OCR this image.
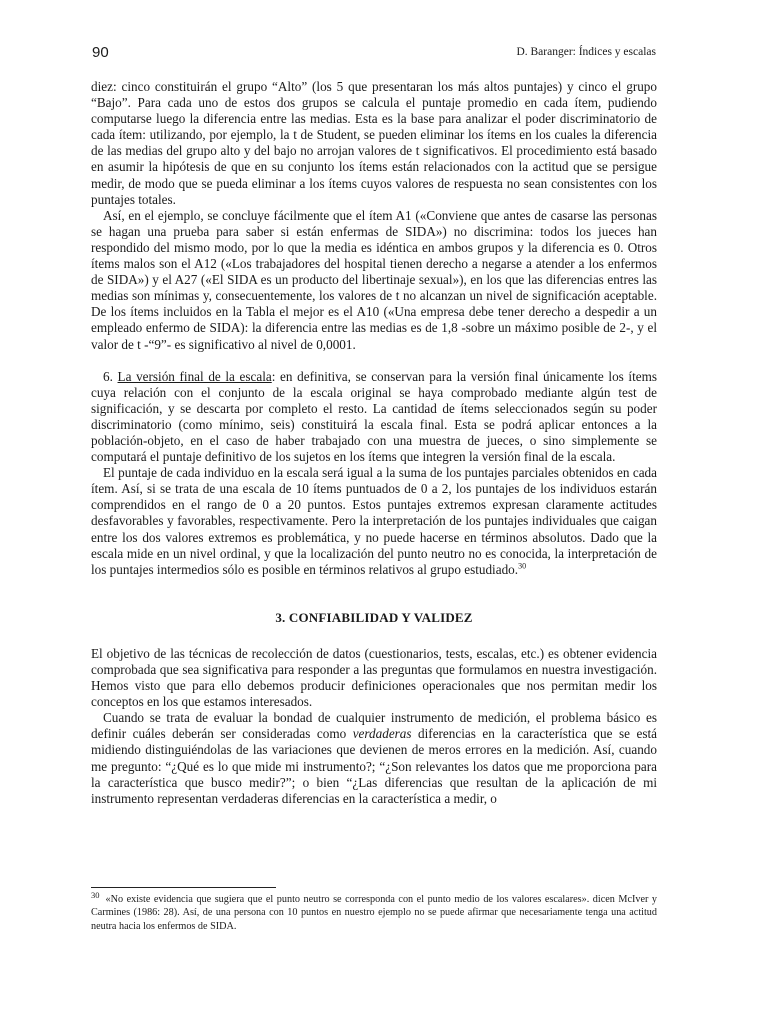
90	D. Baranger: Índices y escalas

diez: cinco constituirán el grupo “Alto” (los 5 que presentaran los más altos puntajes) y cinco el grupo “Bajo”. Para cada uno de estos dos grupos se calcula el puntaje promedio en cada ítem, pudiendo computarse luego la diferencia entre las medias. Esta es la base para analizar el poder discriminatorio de cada ítem: utilizando, por ejemplo, la t de Student, se pueden eliminar los ítems en los cuales la diferencia de las medias del grupo alto y del bajo no arrojan valores de t significativos. El procedimiento está basado en asumir la hipótesis de que en su conjunto los ítems están relacionados con la actitud que se persigue medir, de modo que se pueda eliminar a los ítems cuyos valores de respuesta no sean consistentes con los puntajes totales.

Así, en el ejemplo, se concluye fácilmente que el ítem A1 («Conviene que antes de casarse las personas se hagan una prueba para saber si están enfermas de SIDA») no discrimina: todos los jueces han respondido del mismo modo, por lo que la media es idéntica en ambos grupos y la diferencia es 0. Otros ítems malos son el A12 («Los trabajadores del hospital tienen derecho a negarse a atender a los enfermos de SIDA») y el A27 («El SIDA es un producto del libertinaje sexual»), en los que las diferencias entres las medias son mínimas y, consecuentemente, los valores de t no alcanzan un nivel de significación aceptable. De los ítems incluidos en la Tabla el mejor es el A10 («Una empresa debe tener derecho a despedir a un empleado enfermo de SIDA): la diferencia entre las medias es de 1,8 -sobre un máximo posible de 2-, y el valor de t -“9”- es significativo al nivel de 0,0001.

6. La versión final de la escala: en definitiva, se conservan para la versión final únicamente los ítems cuya relación con el conjunto de la escala original se haya comprobado mediante algún test de significación, y se descarta por completo el resto. La cantidad de ítems seleccionados según su poder discriminatorio (como mínimo, seis) constituirá la escala final. Esta se podrá aplicar entonces a la población-objeto, en el caso de haber trabajado con una muestra de jueces, o sino simplemente se computará el puntaje definitivo de los sujetos en los ítems que integren la versión final de la escala.

El puntaje de cada individuo en la escala será igual a la suma de los puntajes parciales obtenidos en cada ítem. Así, si se trata de una escala de 10 ítems puntuados de 0 a 2, los puntajes de los individuos estarán comprendidos en el rango de 0 a 20 puntos. Estos puntajes extremos expresan claramente actitudes desfavorables y favorables, respectivamente. Pero la interpretación de los puntajes individuales que caigan entre los dos valores extremos es problemática, y no puede hacerse en términos absolutos. Dado que la escala mide en un nivel ordinal, y que la localización del punto neutro no es conocida, la interpretación de los puntajes intermedios sólo es posible en términos relativos al grupo estudiado.$^{30}$

3. CONFIABILIDAD Y VALIDEZ

El objetivo de las técnicas de recolección de datos (cuestionarios, tests, escalas, etc.) es obtener evidencia comprobada que sea significativa para responder a las preguntas que formulamos en nuestra investigación. Hemos visto que para ello debemos producir definiciones operacionales que nos permitan medir los conceptos en los que estamos interesados.

Cuando se trata de evaluar la bondad de cualquier instrumento de medición, el problema básico es definir cuáles deberán ser consideradas como verdaderas diferencias en la característica que se está midiendo distinguiéndolas de las variaciones que devienen de meros errores en la medición. Así, cuando me pregunto: “¿Qué es lo que mide mi instrumento?; “¿Son relevantes los datos que me proporciona para la característica que busco medir?”; o bien “¿Las diferencias que resultan de la aplicación de mi instrumento representan verdaderas diferencias en la característica a medir, o

$^{30}$ «No existe evidencia que sugiera que el punto neutro se corresponda con el punto medio de los valores escalares». dicen McIver y Carmines (1986: 28). Así, de una persona con 10 puntos en nuestro ejemplo no se puede afirmar que necesariamente tenga una actitud neutra hacia los enfermos de SIDA.
